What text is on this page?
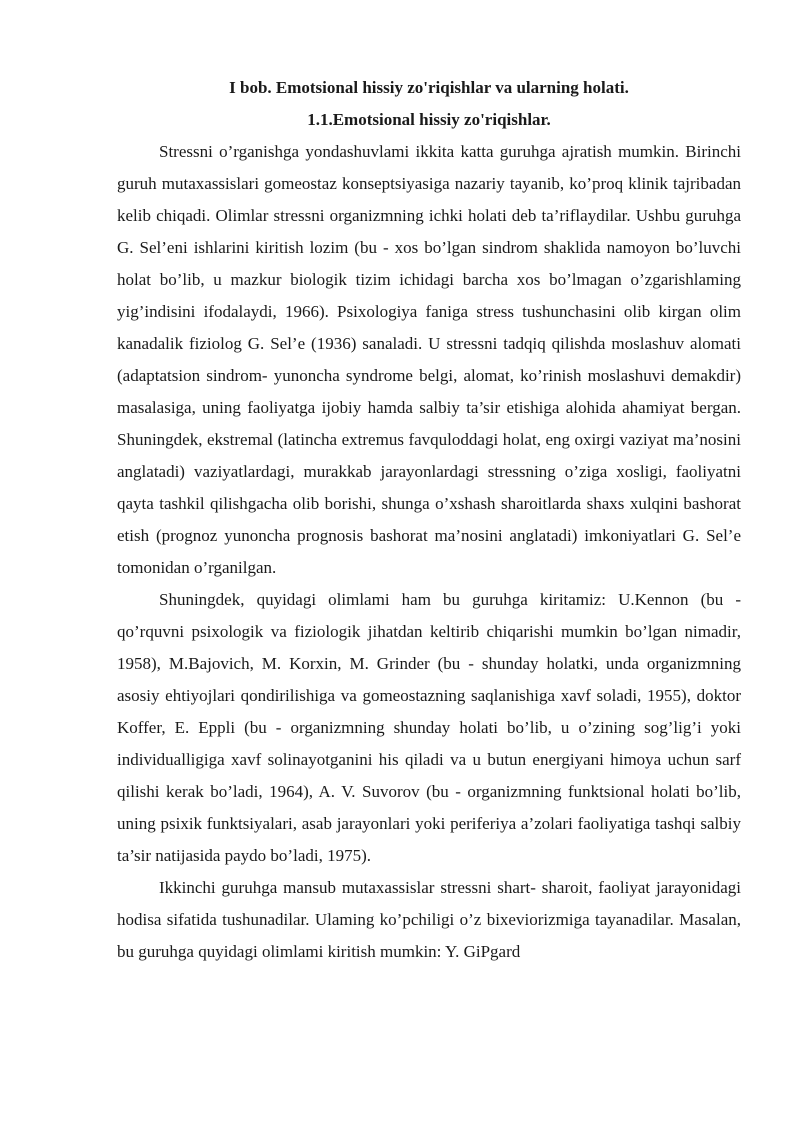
I bob. Emotsional hissiy zo'riqishlar va ularning holati.
1.1.Emotsional hissiy zo'riqishlar.

Stressni o’rganishga yondashuvlami ikkita katta guruhga ajratish mumkin. Birinchi guruh mutaxassislari gomeostaz konseptsiyasiga nazariy tayanib, ko’proq klinik tajribadan kelib chiqadi. Olimlar stressni organizmning ichki holati deb ta’riflaydilar. Ushbu guruhga G. Sel’eni ishlarini kiritish lozim (bu - xos bo’lgan sindrom shaklida namoyon bo’luvchi holat bo’lib, u mazkur biologik tizim ichidagi barcha xos bo’lmagan o’zgarishlaming yig’indisini ifodalaydi, 1966). Psixologiya faniga stress tushunchasini olib kirgan olim kanadalik fiziolog G. Sel’e (1936) sanaladi. U stressni tadqiq qilishda moslashuv alomati (adaptatsion sindrom- yunoncha syndrome belgi, alomat, ko’rinish moslashuvi demakdir) masalasiga, uning faoliyatga ijobiy hamda salbiy ta’sir etishiga alohida ahamiyat bergan. Shuningdek, ekstremal (latincha extremus favquloddagi holat, eng oxirgi vaziyat ma’nosini anglatadi) vaziyatlardagi, murakkab jarayonlardagi stressning o’ziga xosligi, faoliyatni qayta tashkil qilishgacha olib borishi, shunga o’xshash sharoitlarda shaxs xulqini bashorat etish (prognoz yunoncha prognosis bashorat ma’nosini anglatadi) imkoniyatlari G. Sel’e tomonidan o’rganilgan.

Shuningdek, quyidagi olimlami ham bu guruhga kiritamiz: U.Kennon (bu - qo’rquvni psixologik va fiziologik jihatdan keltirib chiqarishi mumkin bo’lgan nimadir, 1958), M.Bajovich, M. Korxin, M. Grinder (bu - shunday holatki, unda organizmning asosiy ehtiyojlari qondirilishiga va gomeostazning saqlanishiga xavf soladi, 1955), doktor Koffer, E. Eppli (bu - organizmning shunday holati bo’lib, u o’zining sog’lig’i yoki individualligiga xavf solinayotganini his qiladi va u butun energiyani himoya uchun sarf qilishi kerak bo’ladi, 1964), A. V. Suvorov (bu - organizmning funktsional holati bo’lib, uning psixik funktsiyalari, asab jarayonlari yoki periferiya a’zolari faoliyatiga tashqi salbiy ta’sir natijasida paydo bo’ladi, 1975).

Ikkinchi guruhga mansub mutaxassislar stressni shart- sharoit, faoliyat jarayonidagi hodisa sifatida tushunadilar. Ulaming ko’pchiligi o’z bixeviorizmiga tayanadilar. Masalan, bu guruhga quyidagi olimlami kiritish mumkin: Y. GiPgard
